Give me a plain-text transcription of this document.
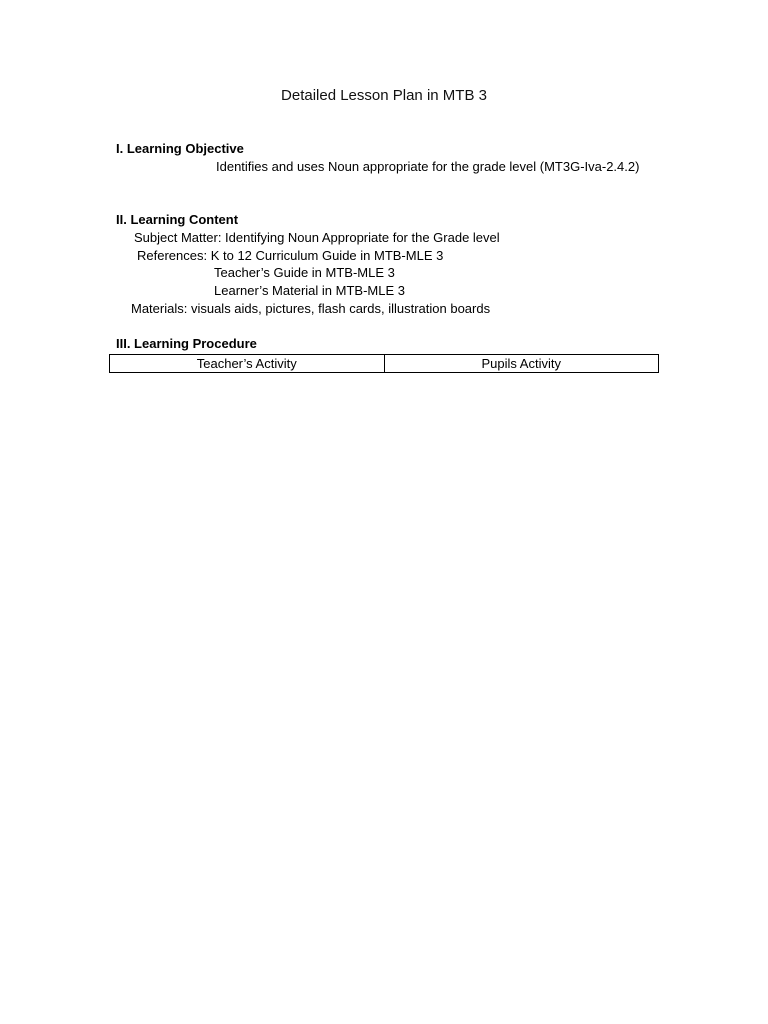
Detailed Lesson Plan in MTB 3
I. Learning Objective
Identifies and uses Noun appropriate for the grade level (MT3G-Iva-2.4.2)
II. Learning Content
Subject Matter: Identifying Noun Appropriate for the Grade level
References: K to 12 Curriculum Guide in MTB-MLE 3
Teacher’s Guide in MTB-MLE 3
Learner’s Material in MTB-MLE 3
Materials: visuals aids, pictures, flash cards, illustration boards
III. Learning Procedure
Teacher’s Activity	Pupils Activity
